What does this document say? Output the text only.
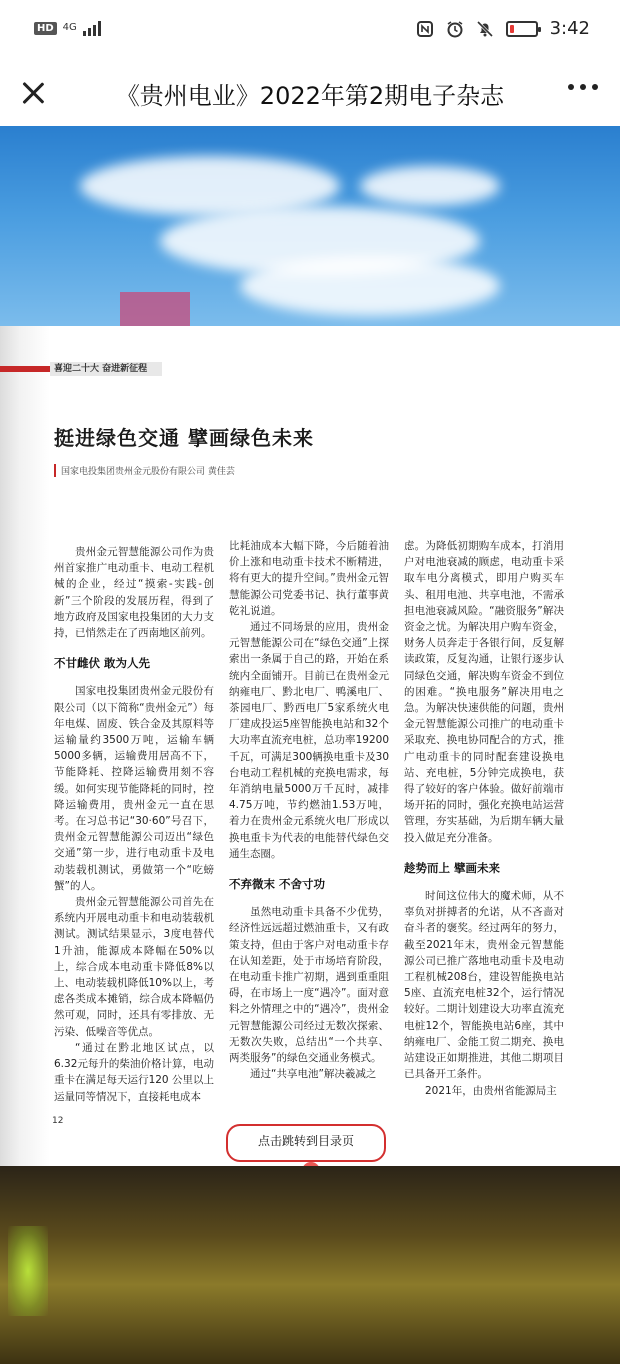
HD 4G	3:42
《贵州电业》2022年第2期电子杂志
喜迎二十大 奋进新征程
挺进绿色交通 擘画绿色未来
国家电投集团贵州金元股份有限公司 黄佳芸

贵州金元智慧能源公司作为贵州首家推广电动重卡、电动工程机械的企业，经过“摸索-实践-创新”三个阶段的发展历程，得到了地方政府及国家电投集团的大力支持，已悄然走在了西南地区前列。

不甘雌伏 敢为人先

国家电投集团贵州金元股份有限公司（以下简称“贵州金元”）每年电煤、固废、铁合金及其原料等运输量约3500万吨，运输车辆5000多辆，运输费用居高不下，节能降耗、控降运输费用刻不容缓。如何实现节能降耗的同时，控降运输费用，贵州金元一直在思考。在习总书记“30·60”号召下，贵州金元智慧能源公司迈出“绿色交通”第一步，进行电动重卡及电动装载机测试，勇做第一个“吃螃蟹”的人。

贵州金元智慧能源公司首先在系统内开展电动重卡和电动装载机测试。测试结果显示，3度电替代1升油，能源成本降幅在50%以上，综合成本电动重卡降低8%以上、电动装载机降低10%以上，考虑各类成本摊销，综合成本降幅仍然可观，同时，还具有零排放、无污染、低噪音等优点。

“通过在黔北地区试点，以6.32元每升的柴油价格计算，电动重卡在满足每天运行120 公里以上运量同等情况下，直接耗电成本

比耗油成本大幅下降，今后随着油价上涨和电动重卡技术不断精进，将有更大的提升空间。”贵州金元智慧能源公司党委书记、执行董事黄乾礼说道。

通过不同场景的应用，贵州金元智慧能源公司在“绿色交通”上探索出一条属于自己的路，开始在系统内全面铺开。目前已在贵州金元纳雍电厂、黔北电厂、鸭溪电厂、茶园电厂、黔西电厂5家系统火电厂建成投运5座智能换电站和32个大功率直流充电桩，总功率19200千瓦，可满足300辆换电重卡及30台电动工程机械的充换电需求，每年消纳电量5000万千瓦时，减排4.75万吨，节约燃油1.53万吨，着力在贵州金元系统火电厂形成以换电重卡为代表的电能替代绿色交通生态圈。

不弃微末 不舍寸功

虽然电动重卡具备不少优势，经济性远远超过燃油重卡，又有政策支持，但由于客户对电动重卡存在认知差距，处于市场培育阶段，在电动重卡推广初期，遇到重重阻碍，在市场上一度“遇冷”。面对意料之外情理之中的“遇冷”，贵州金元智慧能源公司经过无数次探索、无数次失败，总结出“一个共享、两类服务”的绿色交通业务模式。

通过“共享电池”解决羲减之

虑。为降低初期购车成本，打消用户对电池衰减的顾虑，电动重卡采取车电分离模式，即用户购买车头、租用电池、共享电池，不需承担电池衰减风险。“融资服务”解决资金之忧。为解决用户购车资金，财务人员奔走于各银行间，反复解读政策，反复沟通，让银行逐步认同绿色交通，解决购车资金不到位的困难。“换电服务”解决用电之急。为解决快速供能的问题，贵州金元智慧能源公司推广的电动重卡采取充、换电协同配合的方式，推广电动重卡的同时配套建设换电站、充电桩，5分钟完成换电，获得了较好的客户体验。做好前端市场开拓的同时，强化充换电站运营管理，夯实基础，为后期车辆大量投入做足充分准备。

趁势而上 擘画未来

时间这位伟大的魔术师，从不辜负对拼搏者的允诺，从不吝啬对奋斗者的褒奖。经过两年的努力，截至2021年末，贵州金元智慧能源公司已推广落地电动重卡及电动工程机械208台，建设智能换电站5座、直流充电桩32个，运行情况较好。二期计划建设大功率直流充电桩12个，智能换电站6座，其中纳雍电厂、金能工贸二期充、换电站建设正如期推进，其他二期项目已具备开工条件。

2021年，由贵州省能源局主

12
点击跳转到目录页
